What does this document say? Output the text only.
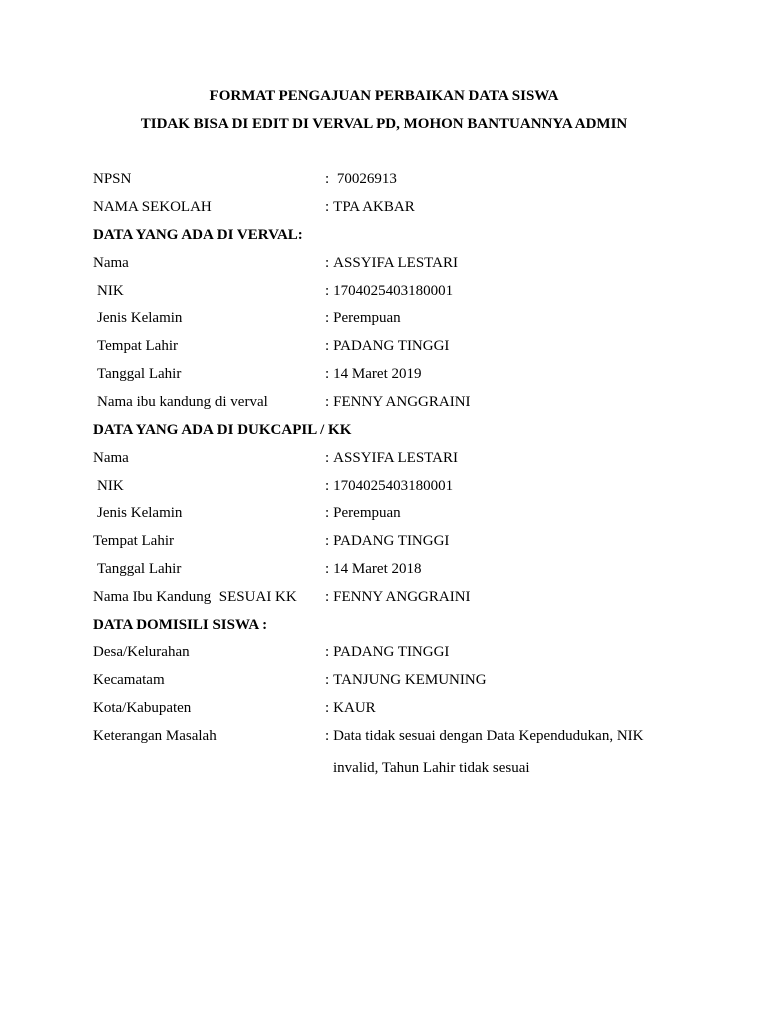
FORMAT PENGAJUAN PERBAIKAN DATA SISWA
TIDAK BISA DI EDIT DI VERVAL PD, MOHON BANTUANNYA ADMIN
NPSN	: 70026913
NAMA SEKOLAH	: TPA AKBAR
DATA YANG ADA DI VERVAL:
Nama	: ASSYIFA LESTARI
NIK	: 1704025403180001
Jenis Kelamin	: Perempuan
Tempat Lahir	: PADANG TINGGI
Tanggal Lahir	: 14 Maret 2019
Nama ibu kandung di verval	: FENNY ANGGRAINI
DATA YANG ADA DI DUKCAPIL / KK
Nama	: ASSYIFA LESTARI
NIK	: 1704025403180001
Jenis Kelamin	: Perempuan
Tempat Lahir	: PADANG TINGGI
Tanggal Lahir	: 14 Maret 2018
Nama Ibu Kandung  SESUAI KK : FENNY ANGGRAINI
DATA DOMISILI SISWA :
Desa/Kelurahan	: PADANG TINGGI
Kecamatam	: TANJUNG KEMUNING
Kota/Kabupaten	: KAUR
Keterangan Masalah	: Data tidak sesuai dengan Data Kependudukan, NIK
invalid, Tahun Lahir tidak sesuai
